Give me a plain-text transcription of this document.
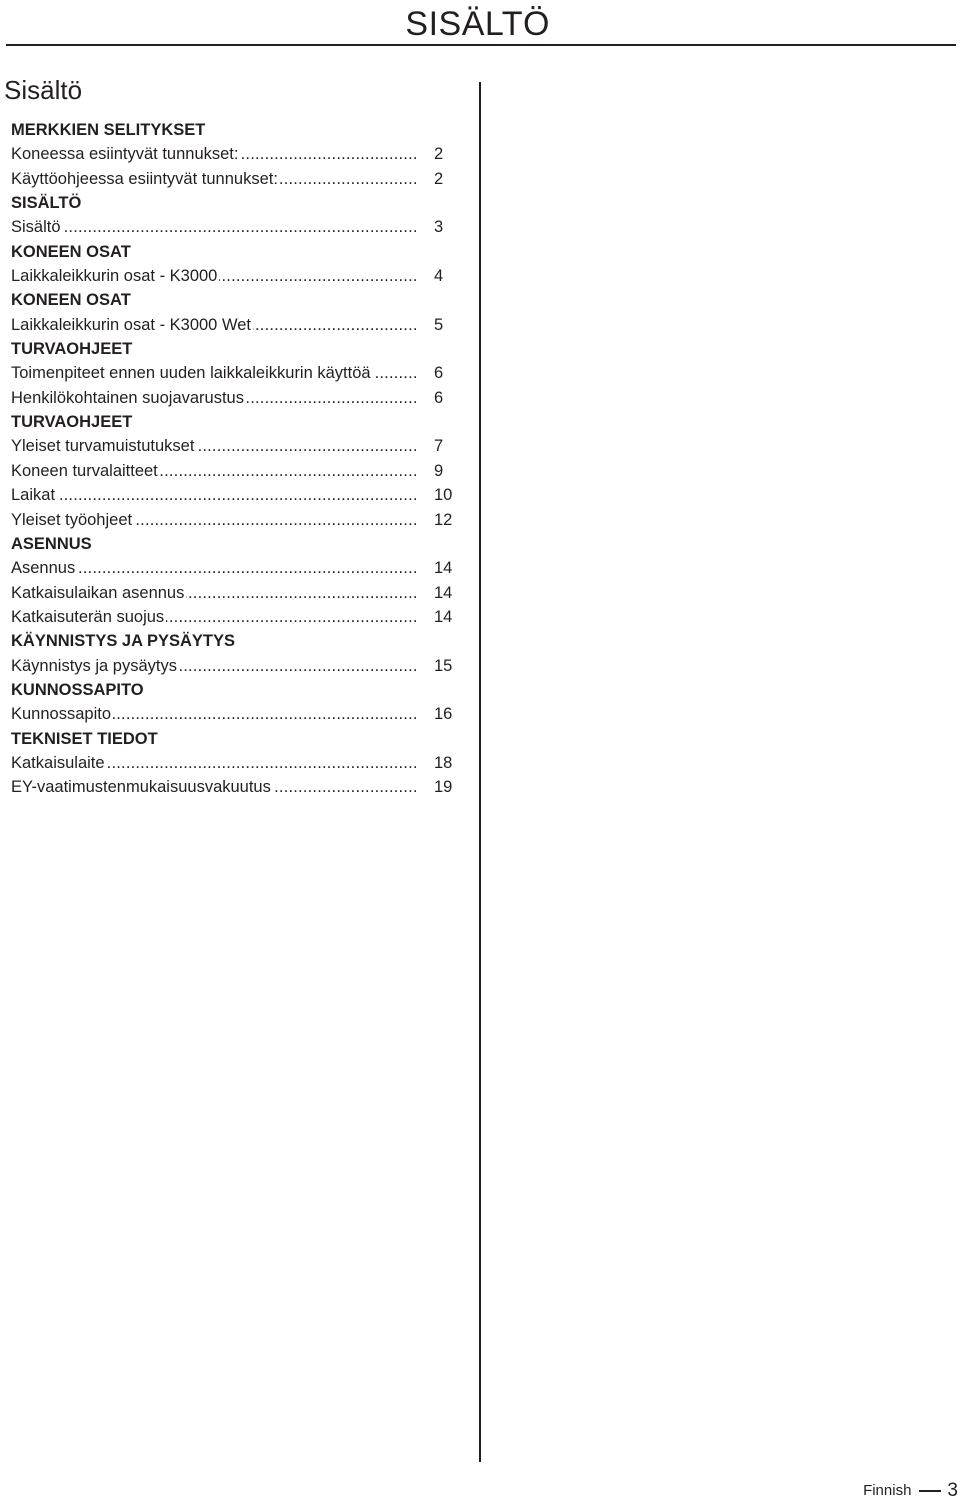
SISÄLTÖ
Sisältö
MERKKIEN SELITYKSET
Koneessa esiintyvät tunnukset: .....	2
Käyttöohjeessa esiintyvät tunnukset: .....	2
SISÄLTÖ
Sisältö .....	3
KONEEN OSAT
Laikkaleikkurin osat - K3000 .....	4
KONEEN OSAT
Laikkaleikkurin osat - K3000 Wet .....	5
TURVAOHJEET
Toimenpiteet ennen uuden laikkaleikkurin käyttöä .....	6
Henkilökohtainen suojavarustus .....	6
TURVAOHJEET
Yleiset turvamuistutukset .....	7
Koneen turvalaitteet .....	9
Laikat .....	10
Yleiset työohjeet .....	12
ASENNUS
Asennus .....	14
Katkaisulaikan asennus .....	14
Katkaisuterän suojus .....	14
KÄYNNISTYS JA PYSÄYTYS
Käynnistys ja pysäytys .....	15
KUNNOSSAPITO
Kunnossapito .....	16
TEKNISET TIEDOT
Katkaisulaite .....	18
EY-vaatimustenmukaisuusvakuutus .....	19
Finnish 3
